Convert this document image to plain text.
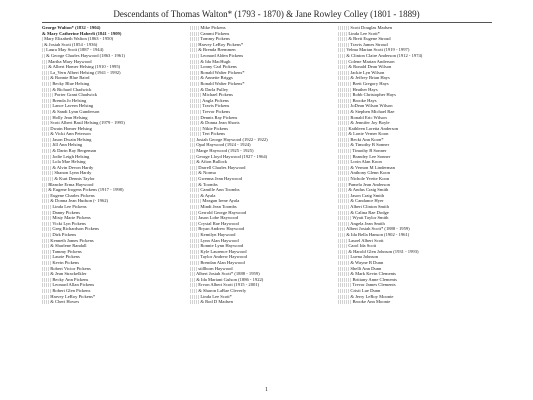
Descendants of Thomas Walton* (1793 - 1870) & Jane Rowley Colley (1801 - 1889)
George Walton* (1832 - 1904)
& Mary Catherine Haberli (1841 - 1909)
| Mary Elizabeth Walton (1863 - 1950)
| & Josiah Scott (1854 - 1936)
| | Laura May Scott (1887 - 1944)
| | & George Charles Haywood (1863 - 1961)
| | | Martha Mary Haywood
| | | & Albert Homer Helsing (1910 - 1995)
| | | | La_Vern Albert Helsing (1941 - 1992)
| | | | & Bonnie Blue Baird
| | | | | Becky Blue Helsing
| | | | | & Richard Chadwick
| | | | | | Porter Grant Chadwick
| | | | | Brenda Jo Helsing
| | | | | Lance Lavern Helsing
| | | | | & Sandi Lynn Gunderson
| | | | | Holly Jean Helsing
| | | | Scott Albert Basil Helsing (1979 - 1995)
| | | | Dwain Homer Helsing
| | | | & Vicki Ann Peterson
| | | | | Jason Dwain Helsing
| | | | | Jill Ann Helsing
| | | | | & Darin Ray Bergeman
| | | | | Jodie Leigh Helsing
| | | | | Lola Mae Helsing
| | | | | & Alvin Devon Hardy
| | | | | | Shanon Lynn Hardy
| | | | | | & Kurt Dennis Taylor
| | | Blanche Erma Haywood
| | | & Eugene Irogens Pickens (1917 - 1998)
| | | | Eugene Charles Pickens
| | | | & Donna Jean Hudson (- 1962)
| | | | | Linda Lee Pickens
| | | | | Danny Pickens
| | | | | Misty Marie Pickens
| | | | | Vicki Lyn Pickens
| | | | | Greg Richardson Pickens
| | | | | Dirk Pickens
| | | | Kenneth James Pickens
| | | | & Sharlene Randall
| | | | | Tammy Pickens
| | | | | Laurie Pickens
| | | | | Kevin Pickens
| | | | Robert Victor Pickens
| | | | & Jean Strackelkler
| | | | | Becky Ann Pickens
| | | | | Leonard Allan Pickens
| | | | | Robert Glen Pickens
| | | | Harvey LeRoy Pickens*
| | | | & Cheri Howes
| | | | | Mike Pickens
| | | | | Cammi Pickens
| | | | | Tommy Pickens
| | | | Harvey LeRoy Pickens*
| | | | & Brenda Bremmen
| | | | | Leonard Alden Pickens
| | | | | & Ida MacHugh
| | | | | Lonny Carl Pickens
| | | | | Ronald Walter Pickens*
| | | | | & Annette Briggs
| | | | | Ronald Walter Pickens*
| | | | | & Darla Pulley
| | | | | | Michael Pickens
| | | | | | Angla Pickens
| | | | | | Travis Pickens
| | | | | | Trevor Pickens
| | | | | Dennis Ray Pickens
| | | | | & Donna Jean Shorts
| | | | | | Nikie Pickens
| | | | | | Teri Pickens
| | | Josiah George Haywood (1922 - 1922)
| | | Opal Haywood (1924 - 1924)
| | | Marge Haywood (1925 - 1925)
| | | George Lloyd Haywood (1927 - 1964)
| | | & Afton Bullock
| | | | Darrell Charles Haywood
| | | | & Norma
| | | | Gwenna Jean Haywood
| | | | & Toombs
| | | | | Camille Ann Toombs
| | | | | & Ayala
| | | | | | Meagan Irene Ayala
| | | | | Mindi Jean Toombs
| | | | Gerrold George Haywood
| | | | Jason Lobe Haywood
| | | | Crystal Rae Haywood
| | | | Bryan Andrew Haywood
| | | | | Kemilyn Haywood
| | | | | Lynn Alan Haywood
| | | | | Ronnie Lynn Haywood
| | | | | Kyle Laurence Haywood
| | | | | Taylor Andrew Haywood
| | | | | Brendan Alan Haywood
| | | | stillborn Haywood
| | | Albert Josiah Scott* (1888 - 1959)
| | | & Ida Mariani Gulson (1886 - 1922)
| | | | Ervon Albert Scott (1915 - 2001)
| | | | & Sharon LaRae Cleverly
| | | | | Linda Lee Scott*
| | | | | & Rod D Madsen
| | | | | | Scott Douglas Madsen
| | | | | Linda Lee Scott*
| | | | | & Brett Eugene Stroud
| | | | | | Travis James Stroud
| | | | Velma Marian Scott (1919 - 1997)
| | | | & Clinton Claire Anderson (1912 - 1974)
| | | | | Colene Marian Anderson
| | | | | & Ronald Dean Wilson
| | | | | | Jackie Lyn Wilson
| | | | | | & Jeffrey Brian Hays
| | | | | | | Brett Gregory Hays
| | | | | | | Heather Hays
| | | | | | | Robb Christopher Hays
| | | | | | | Brooke Hays
| | | | | | JoDean Wilson Wilson
| | | | | | & Stephen Michael Rae
| | | | | | Ronald Eric Wilson
| | | | | | & Jennifer Joy Boyle
| | | | | Kathleen Loretta Anderson
| | | | | & Lonie Verner Koon
| | | | | | Becki Ann Koon*
| | | | | | & Timothy B Sonner
| | | | | | | Timothy B Sonner
| | | | | | | Brandey Lee Sonner
| | | | | | Lorin Alan Koon
| | | | | | & Vernon M Linderman
| | | | | | Anthony Glenn Koon
| | | | | | Nichole Yvette Koon
| | | | | Pamela Jean Anderson
| | | | | & Andus Craig Smith
| | | | | | Jason Craig Smith
| | | | | | & Candance Hyer
| | | | | | Albert Clinton Smith
| | | | | | & Calina Rae Dodge
| | | | | | | Wyatt Taylor Smith
| | | | | | Angela Jean Smith
| | | | Albert Josiah Scott* (1888 - 1959)
| | | | & Ida Bella Hanson (1902 - 1961)
| | | | | Laurel Albert Scott
| | | | | Carol Ida Scott
| | | | | & Harold Glen Johnson (1931 - 1993)
| | | | | | Luena Johnson
| | | | | | & Wayne B Dunn
| | | | | | Shelli Ann Dunn
| | | | | | & Mark Kevin Clements
| | | | | | | Brittany Anne Clements
| | | | | | | Trevor James Clements
| | | | | | Cristi Lue Dunn
| | | | | | & Jerry LeRoy Moonie
| | | | | | | Brooke Ann Moonie
1
